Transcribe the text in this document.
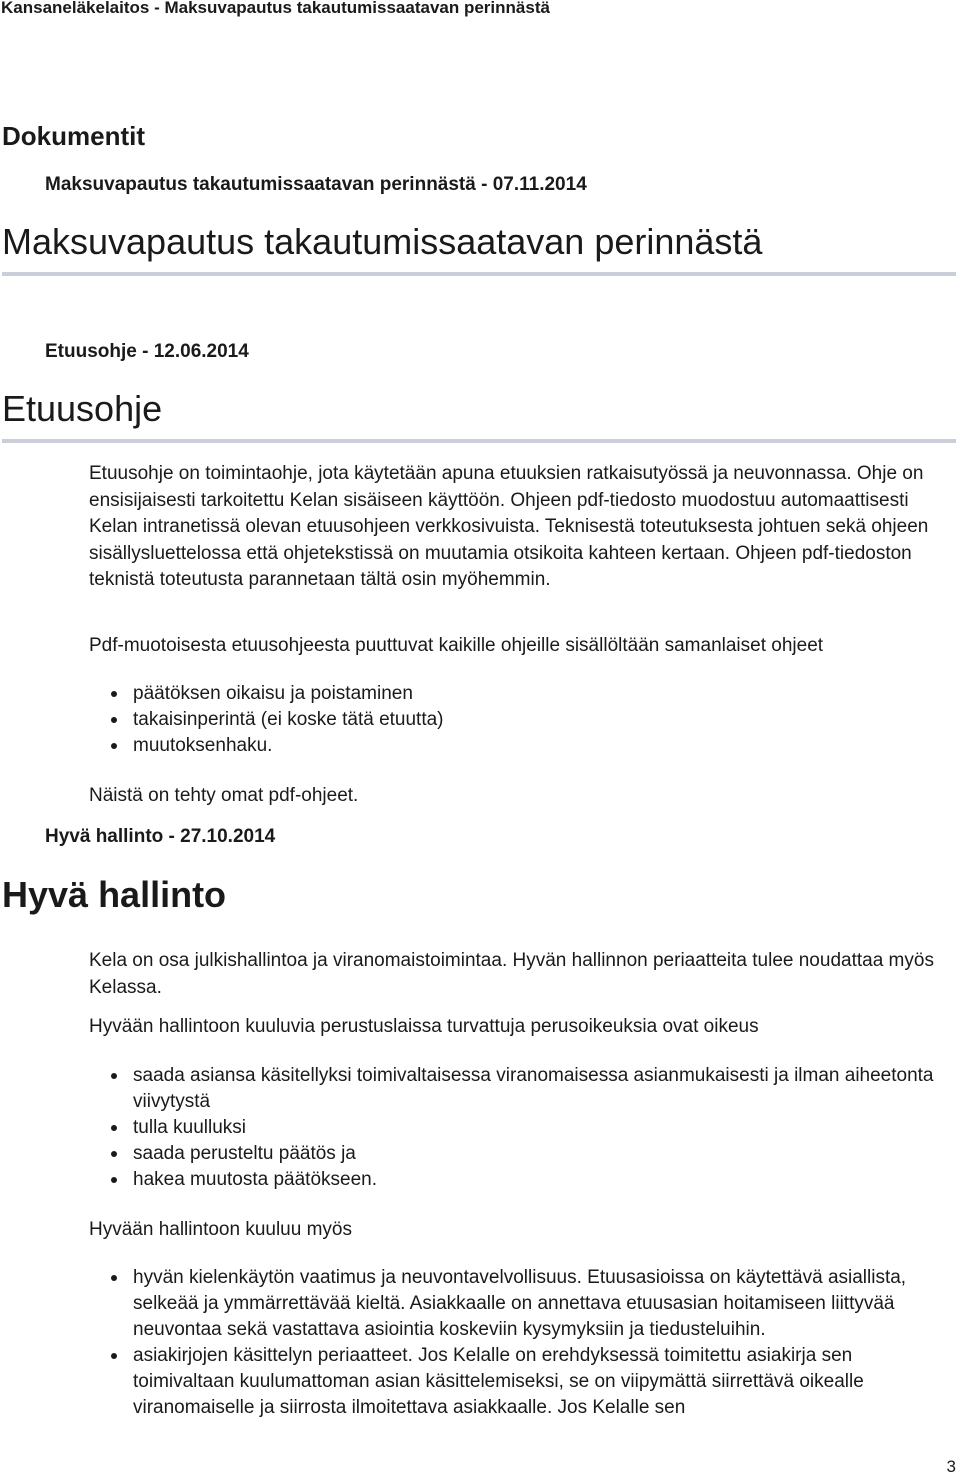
Kansaneläkelaitos - Maksuvapautus takautumissaatavan perinnästä
Dokumentit
Maksuvapautus takautumissaatavan perinnästä - 07.11.2014
Maksuvapautus takautumissaatavan perinnästä
Etuusohje - 12.06.2014
Etuusohje

Etuusohje on toimintaohje, jota käytetään apuna etuuksien ratkaisutyössä ja neuvonnassa. Ohje on ensisijaisesti tarkoitettu Kelan sisäiseen käyttöön. Ohjeen pdf-tiedosto muodostuu automaattisesti Kelan intranetissä olevan etuusohjeen verkkosivuista. Teknisestä toteutuksesta johtuen sekä ohjeen sisällysluettelossa että ohjetekstissä on muutamia otsikoita kahteen kertaan. Ohjeen pdf-tiedoston teknistä toteutusta parannetaan tältä osin myöhemmin.

Pdf-muotoisesta etuusohjeesta puuttuvat kaikille ohjeille sisällöltään samanlaiset ohjeet

päätöksen oikaisu ja poistaminen
takaisinperintä (ei koske tätä etuutta)
muutoksenhaku.

Näistä on tehty omat pdf-ohjeet.

Hyvä hallinto - 27.10.2014
Hyvä hallinto

Kela on osa julkishallintoa ja viranomaistoimintaa. Hyvän hallinnon periaatteita tulee noudattaa myös Kelassa.

Hyvään hallintoon kuuluvia perustuslaissa turvattuja perusoikeuksia ovat oikeus

saada asiansa käsitellyksi toimivaltaisessa viranomaisessa asianmukaisesti ja ilman aiheetonta viivytystä
tulla kuulluksi
saada perusteltu päätös ja
hakea muutosta päätökseen.

Hyvään hallintoon kuuluu myös

hyvän kielenkäytön vaatimus ja neuvontavelvollisuus. Etuusasioissa on käytettävä asiallista, selkeää ja ymmärrettävää kieltä. Asiakkaalle on annettava etuusasian hoitamiseen liittyvää neuvontaa sekä vastattava asiointia koskeviin kysymyksiin ja tiedusteluihin.
asiakirjojen käsittelyn periaatteet. Jos Kelalle on erehdyksessä toimitettu asiakirja sen toimivaltaan kuulumattoman asian käsittelemiseksi, se on viipymättä siirrettävä oikealle viranomaiselle ja siirrosta ilmoitettava asiakkaalle. Jos Kelalle sen
3
